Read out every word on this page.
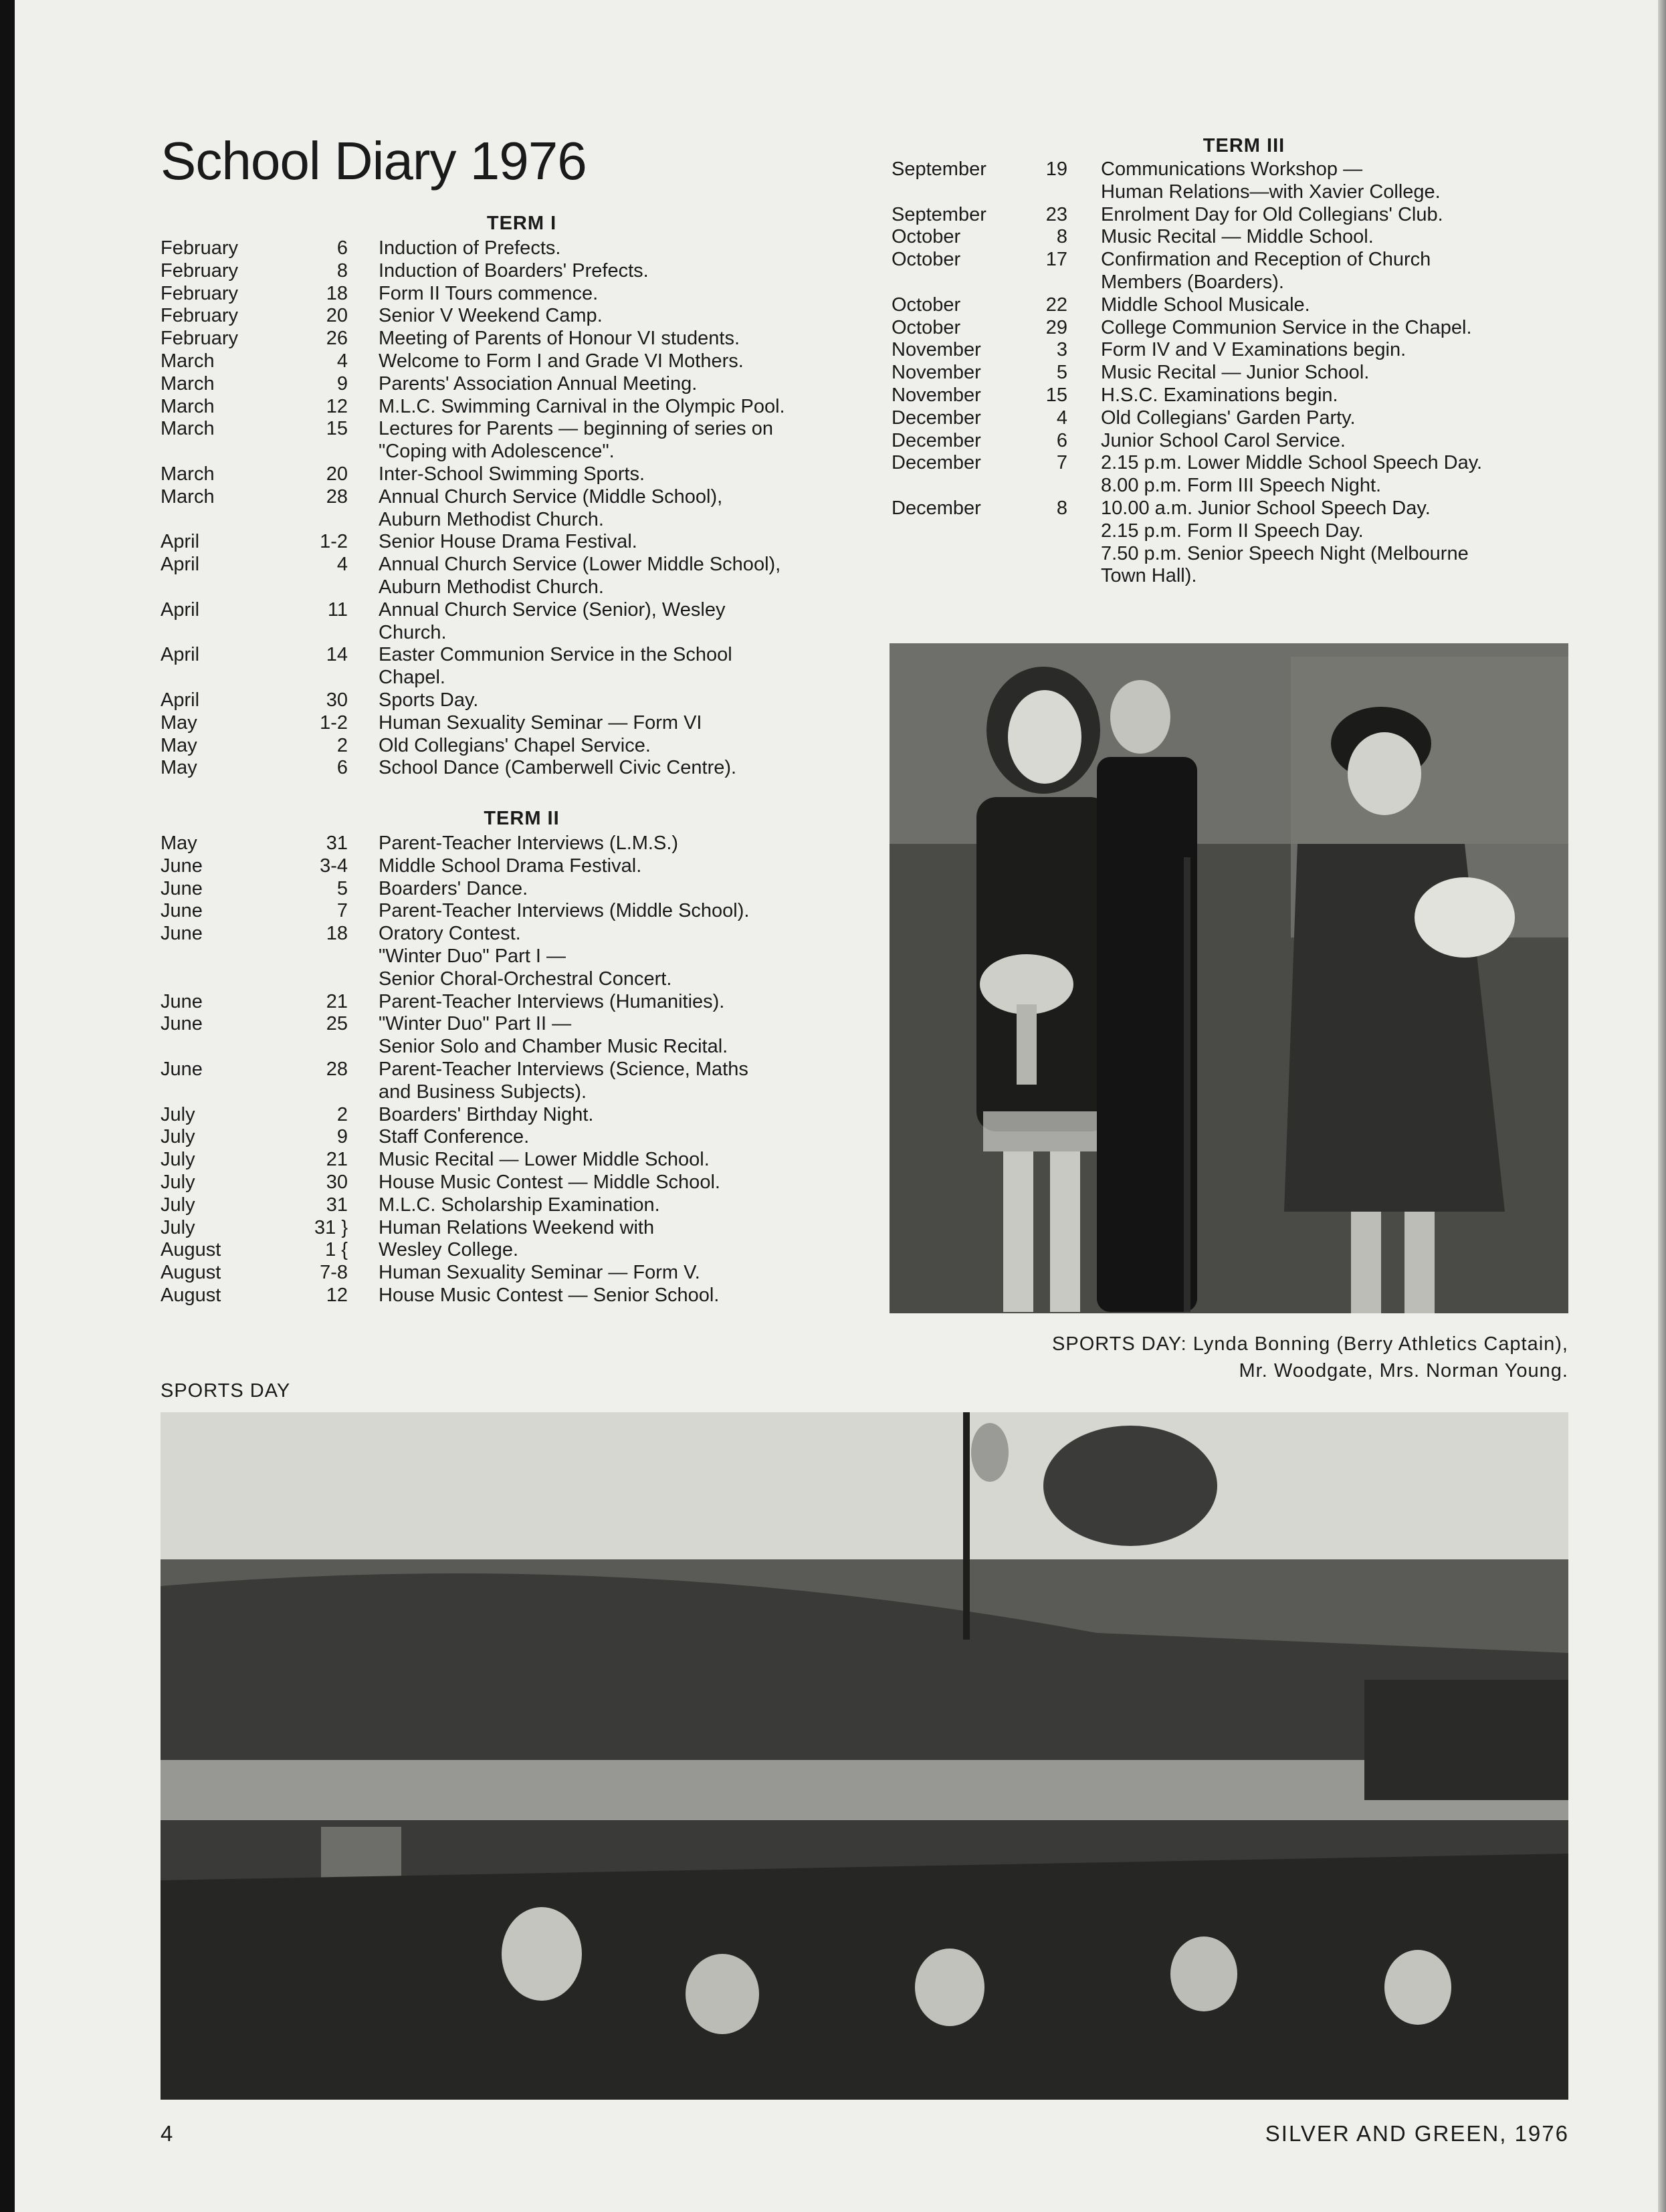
School Diary 1976
TERM I
February	6	Induction of Prefects.
February	8	Induction of Boarders' Prefects.
February	18	Form II Tours commence.
February	20	Senior V Weekend Camp.
February	26	Meeting of Parents of Honour VI students.
March	4	Welcome to Form I and Grade VI Mothers.
March	9	Parents' Association Annual Meeting.
March	12	M.L.C. Swimming Carnival in the Olympic Pool.
March	15	Lectures for Parents — beginning of series on
"Coping with Adolescence".
March	20	Inter-School Swimming Sports.
March	28	Annual Church Service (Middle School),
Auburn Methodist Church.
April	1-2	Senior House Drama Festival.
April	4	Annual Church Service (Lower Middle School),
Auburn Methodist Church.
April	11	Annual Church Service (Senior), Wesley
Church.
April	14	Easter Communion Service in the School
Chapel.
April	30	Sports Day.
May	1-2	Human Sexuality Seminar — Form VI
May	2	Old Collegians' Chapel Service.
May	6	School Dance (Camberwell Civic Centre).
TERM II
May	31	Parent-Teacher Interviews (L.M.S.)
June	3-4	Middle School Drama Festival.
June	5	Boarders' Dance.
June	7	Parent-Teacher Interviews (Middle School).
June	18	Oratory Contest.
"Winter Duo" Part I —
Senior Choral-Orchestral Concert.
June	21	Parent-Teacher Interviews (Humanities).
June	25	"Winter Duo" Part II —
Senior Solo and Chamber Music Recital.
June	28	Parent-Teacher Interviews (Science, Maths
and Business Subjects).
July	2	Boarders' Birthday Night.
July	9	Staff Conference.
July	21	Music Recital — Lower Middle School.
July	30	House Music Contest — Middle School.
July	31	M.L.C. Scholarship Examination.
July	31 }	Human Relations Weekend with
August	1 {	Wesley College.
August	7-8	Human Sexuality Seminar — Form V.
August	12	House Music Contest — Senior School.
TERM III
September	19	Communications Workshop —
Human Relations—with Xavier College.
September	23	Enrolment Day for Old Collegians' Club.
October	8	Music Recital — Middle School.
October	17	Confirmation and Reception of Church
Members (Boarders).
October	22	Middle School Musicale.
October	29	College Communion Service in the Chapel.
November	3	Form IV and V Examinations begin.
November	5	Music Recital — Junior School.
November	15	H.S.C. Examinations begin.
December	4	Old Collegians' Garden Party.
December	6	Junior School Carol Service.
December	7	2.15 p.m. Lower Middle School Speech Day.
8.00 p.m. Form III Speech Night.
December	8	10.00 a.m. Junior School Speech Day.
2.15 p.m. Form II Speech Day.
7.50 p.m. Senior Speech Night (Melbourne
Town Hall).
SPORTS DAY: Lynda Bonning (Berry Athletics Captain),
Mr. Woodgate, Mrs. Norman Young.
SPORTS DAY
4	SILVER AND GREEN, 1976
